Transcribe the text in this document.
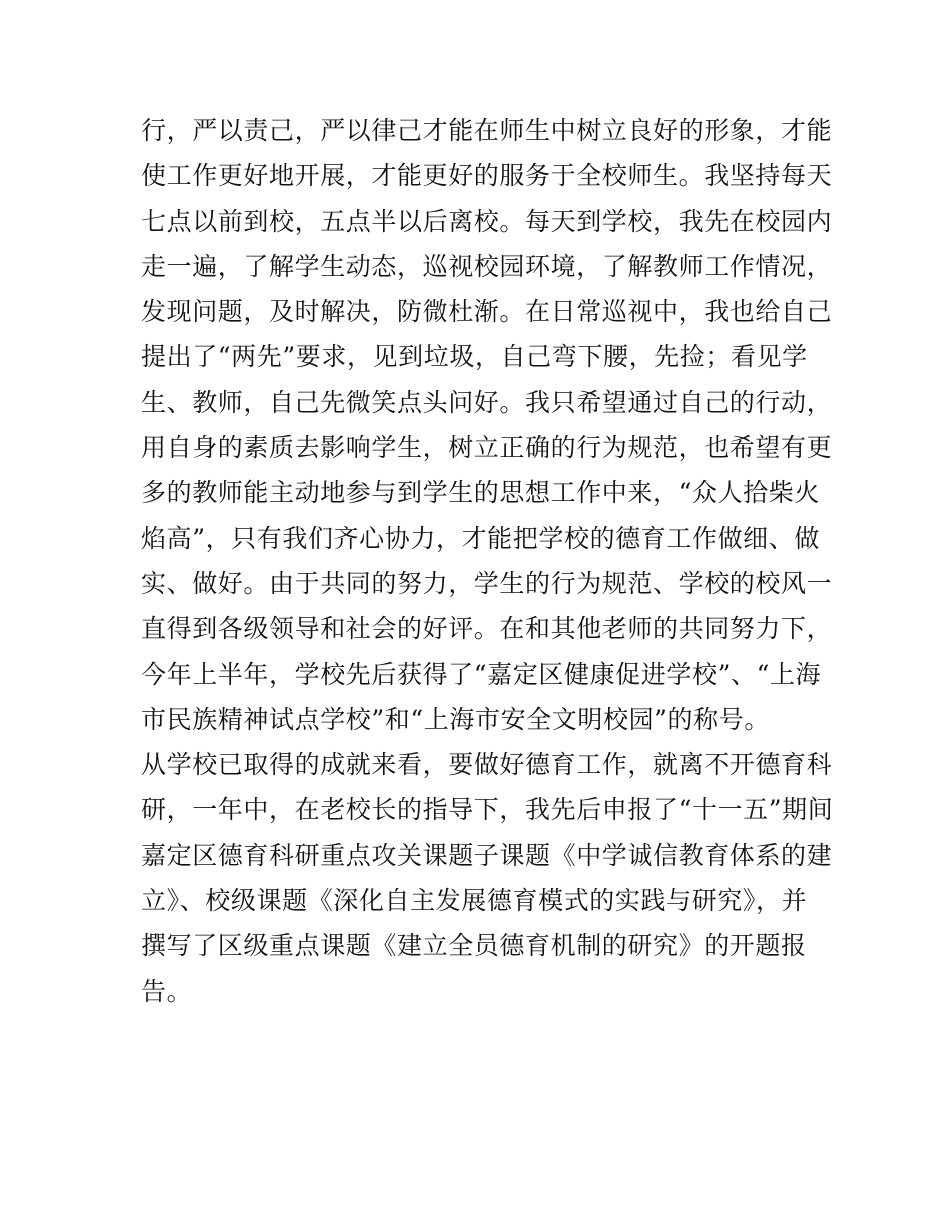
行，严以责己，严以律己才能在师生中树立良好的形象，才能
使工作更好地开展，才能更好的服务于全校师生。我坚持每天
七点以前到校，五点半以后离校。每天到学校，我先在校园内
走一遍，了解学生动态，巡视校园环境，了解教师工作情况，
发现问题，及时解决，防微杜渐。在日常巡视中，我也给自己
提出了“两先”要求，见到垃圾，自己弯下腰，先捡；看见学
生、教师，自己先微笑点头问好。我只希望通过自己的行动，
用自身的素质去影响学生，树立正确的行为规范，也希望有更
多的教师能主动地参与到学生的思想工作中来，“众人拾柴火
焰高”，只有我们齐心协力，才能把学校的德育工作做细、做
实、做好。由于共同的努力，学生的行为规范、学校的校风一
直得到各级领导和社会的好评。在和其他老师的共同努力下，
今年上半年，学校先后获得了“嘉定区健康促进学校”、“上海
市民族精神试点学校”和“上海市安全文明校园”的称号。
从学校已取得的成就来看，要做好德育工作，就离不开德育科
研，一年中，在老校长的指导下，我先后申报了“十一五”期间
嘉定区德育科研重点攻关课题子课题《中学诚信教育体系的建
立》、校级课题《深化自主发展德育模式的实践与研究》，并
撰写了区级重点课题《建立全员德育机制的研究》的开题报
告。
